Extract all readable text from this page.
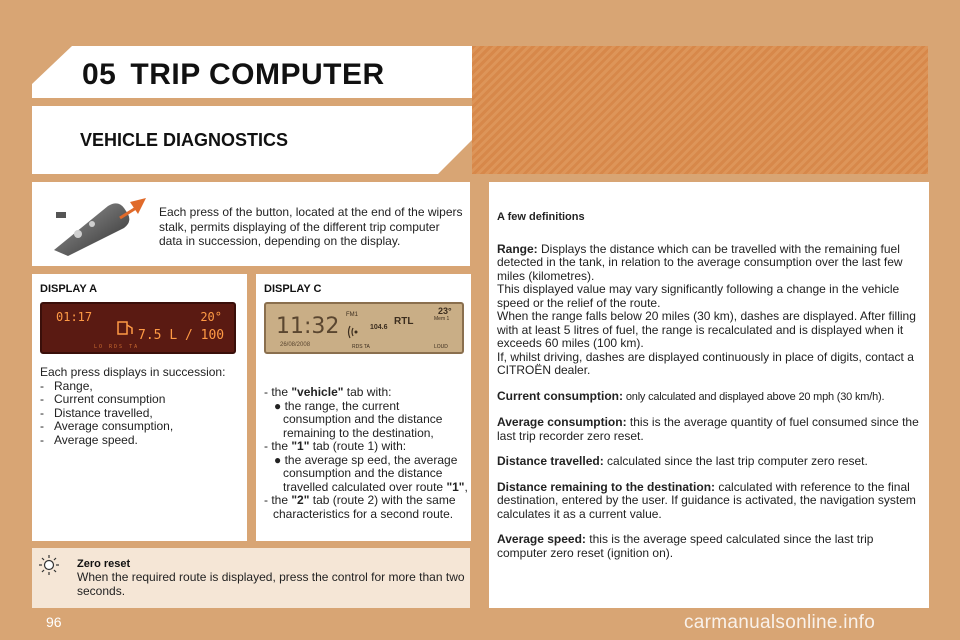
05 TRIP COMPUTER
VEHICLE DIAGNOSTICS
Each press of the button, located at the end of the wipers stalk, permits displaying of the different trip computer data in succession, depending on the display.
DISPLAY A	DISPLAY C
01:17	20°
7.5 L / 100
LO RDS TA
11:32
26/08/2008
FM1
104.6
RTL
23°
Mem 1
RDS TA	LOUD
Each press displays in succession:
- Range,
- Current consumption
- Distance travelled,
- Average consumption,
- Average speed.
- the "vehicle" tab with:
● the range, the current consumption and the distance remaining to the destination,
- the "1" tab (route 1) with:
● the average sp eed, the average consumption and the distance travelled calculated over route "1",
- the "2" tab (route 2) with the same characteristics for a second route.
Zero reset
When the required route is displayed, press the control for more than two seconds.
A few definitions
Range: Displays the distance which can be travelled with the remaining fuel detected in the tank, in relation to the average consumption over the last few miles (kilometres).
This displayed value may vary significantly following a change in the vehicle speed or the relief of the route.
When the range falls below 20 miles (30 km), dashes are displayed. After filling with at least 5 litres of fuel, the range is recalculated and is displayed when it exceeds 60 miles (100 km).
If, whilst driving, dashes are displayed continuously in place of digits, contact a CITROËN dealer.
Current consumption: only calculated and displayed above 20 mph (30 km/h).
Average consumption: this is the average quantity of fuel consumed since the last trip recorder zero reset.
Distance travelled: calculated since the last trip computer zero reset.
Distance remaining to the destination: calculated with reference to the final destination, entered by the user. If guidance is activated, the navigation system calculates it as a current value.
Average speed: this is the average speed calculated since the last trip computer zero reset (ignition on).
96	carmanualsonline.info
